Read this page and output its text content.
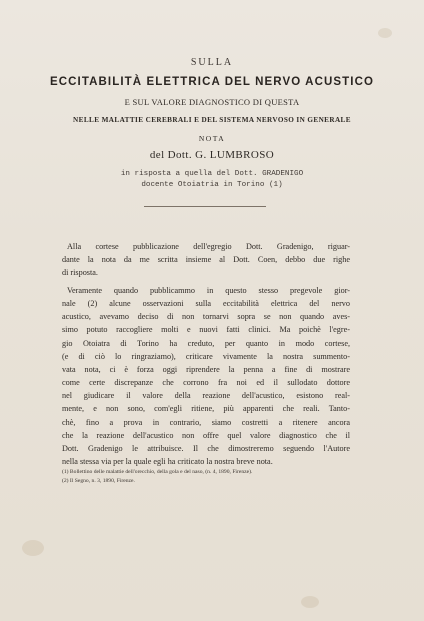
SULLA
ECCITABILITÀ ELETTRICA DEL NERVO ACUSTICO
E SUL VALORE DIAGNOSTICO DI QUESTA
NELLE MALATTIE CEREBRALI E DEL SISTEMA NERVOSO IN GENERALE
NOTA
del Dott. G. LUMBROSO
in risposta a quella del Dott. GRADENIGO
docente Otoiatria in Torino (1)
Alla cortese pubblicazione dell'egregio Dott. Gradenigo, riguar-
dante la nota da me scritta insieme al Dott. Coen, debbo due righe
di risposta.
Veramente quando pubblicammo in questo stesso pregevole gior-
nale (2) alcune osservazioni sulla eccitabilità elettrica del nervo
acustico, avevamo deciso di non tornarvi sopra se non quando aves-
simo potuto raccogliere molti e nuovi fatti clinici. Ma poichè l'egre-
gio Otoiatra di Torino ha creduto, per quanto in modo cortese,
(e di ciò lo ringraziamo), criticare vivamente la nostra summento-
vata nota, ci è forza oggi riprendere la penna a fine di mostrare
come certe discrepanze che corrono fra noi ed il sullodato dottore
nel giudicare il valore della reazione dell'acustico, esistono real-
mente, e non sono, com'egli ritiene, più apparenti che reali. Tanto-
chè, fino a prova in contrario, siamo costretti a ritenere ancora
che la reazione dell'acustico non offre quel valore diagnostico che il
Dott. Gradenigo le attribuisce. Il che dimostreremo seguendo l'Autore
nella stessa via per la quale egli ha criticato la nostra breve nota.
(1) Bollettino delle malattie dell'orecchio, della gola e del naso, (n. 4, 1890, Firenze).
(2) Il Segno, n. 3, 1890, Firenze.
